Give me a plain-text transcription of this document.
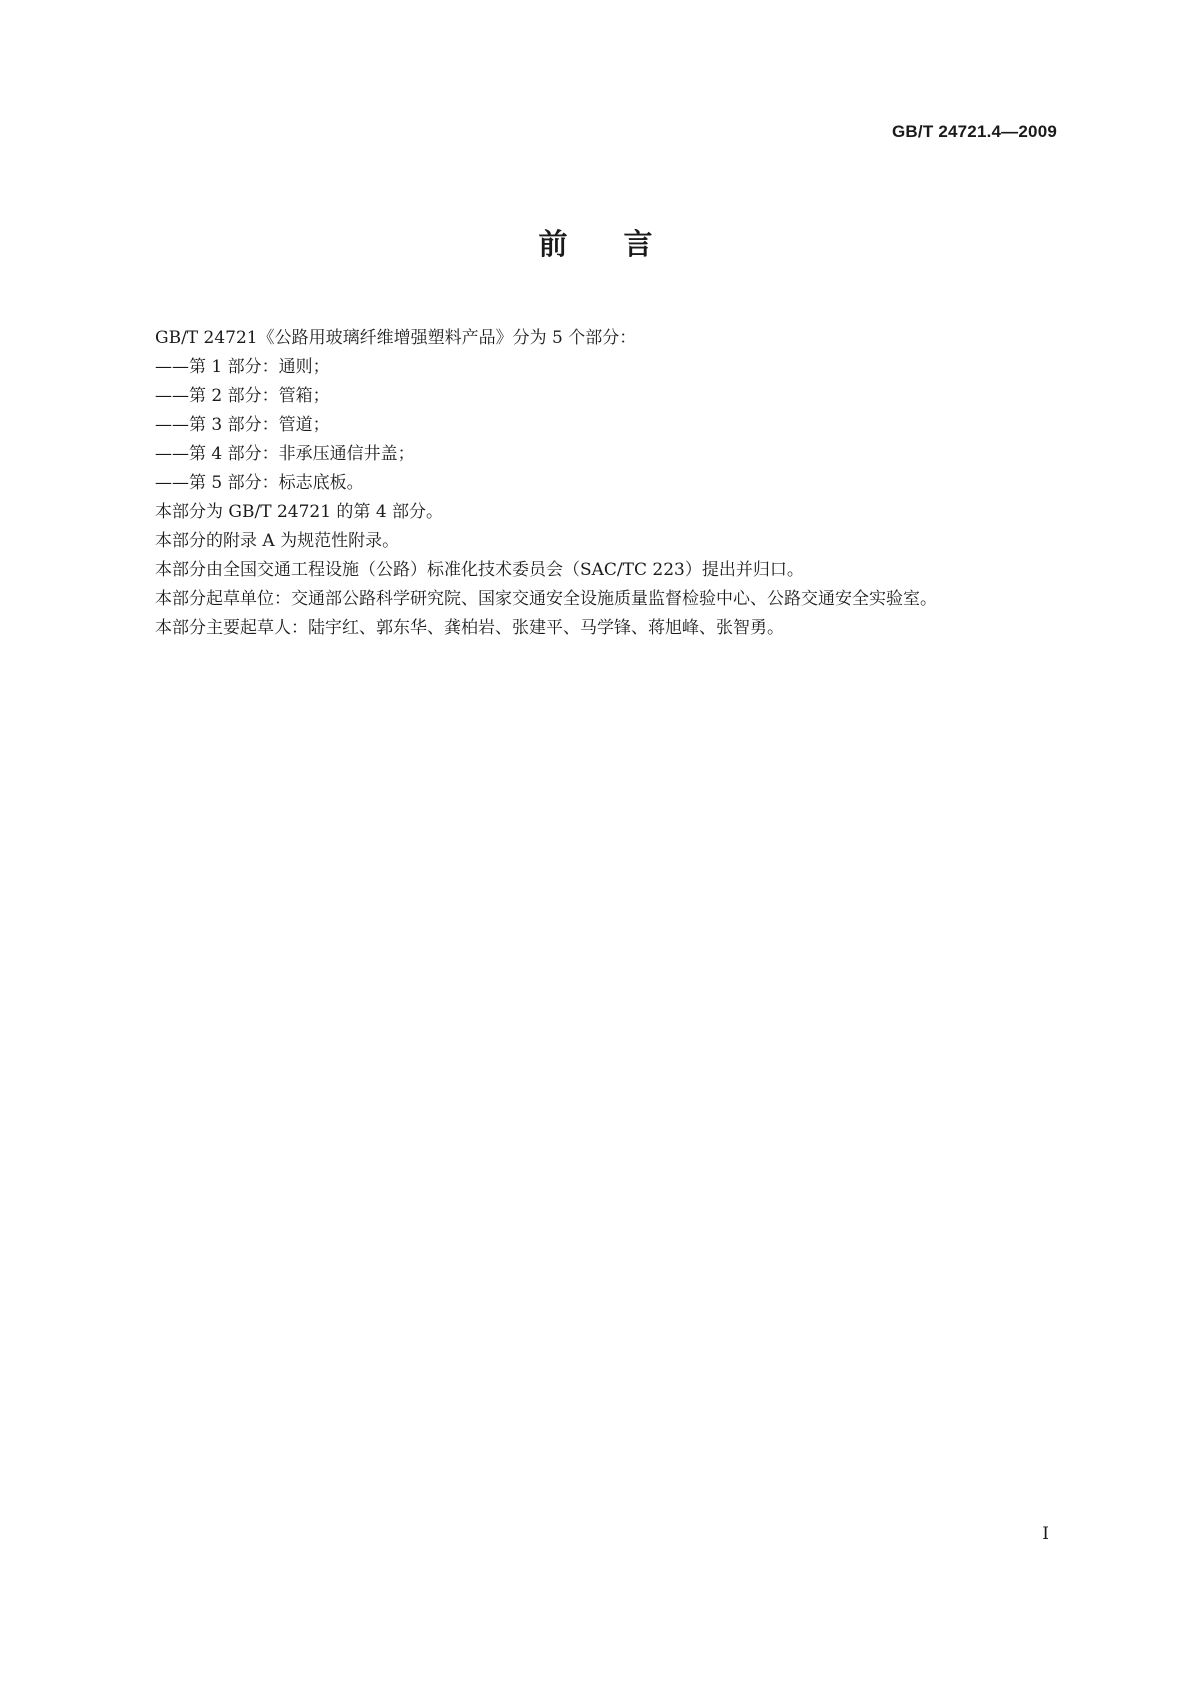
GB/T 24721.4—2009
前言

GB/T 24721《公路用玻璃纤维增强塑料产品》分为 5 个部分：

——第 1 部分：通则；

——第 2 部分：管箱；

——第 3 部分：管道；

——第 4 部分：非承压通信井盖；

——第 5 部分：标志底板。

本部分为 GB/T 24721 的第 4 部分。

本部分的附录 A 为规范性附录。

本部分由全国交通工程设施（公路）标准化技术委员会（SAC/TC 223）提出并归口。

本部分起草单位：交通部公路科学研究院、国家交通安全设施质量监督检验中心、公路交通安全实验室。

本部分主要起草人：陆宇红、郭东华、龚柏岩、张建平、马学锋、蒋旭峰、张智勇。

I
